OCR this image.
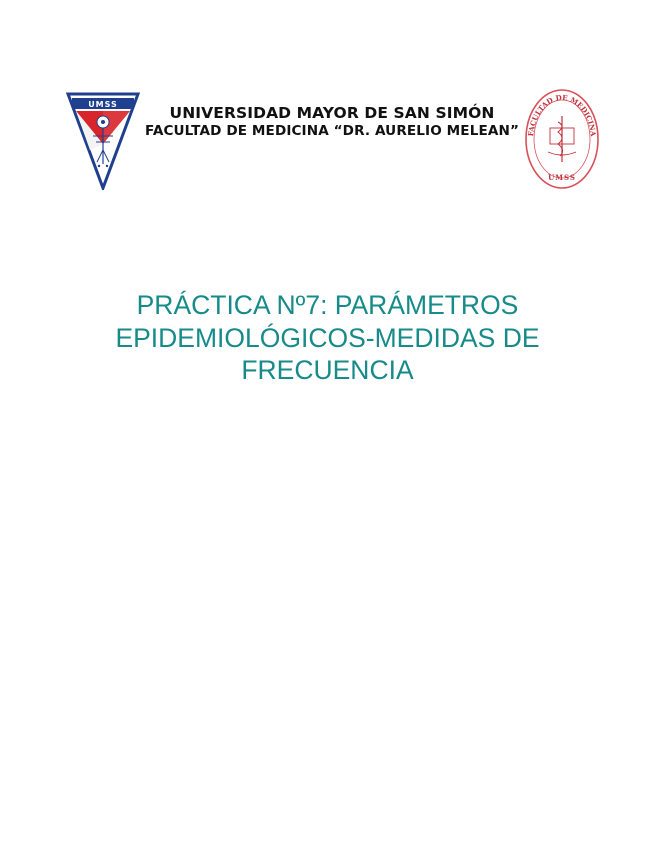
UMSS	UNIVERSIDAD MAYOR DE SAN SIMÓN
FACULTAD DE MEDICINA “DR. AURELIO MELEAN”	FACULTAD DE MEDICINA
UMSS
PRÁCTICA Nº7: PARÁMETROS
EPIDEMIOLÓGICOS-MEDIDAS DE
FRECUENCIA
